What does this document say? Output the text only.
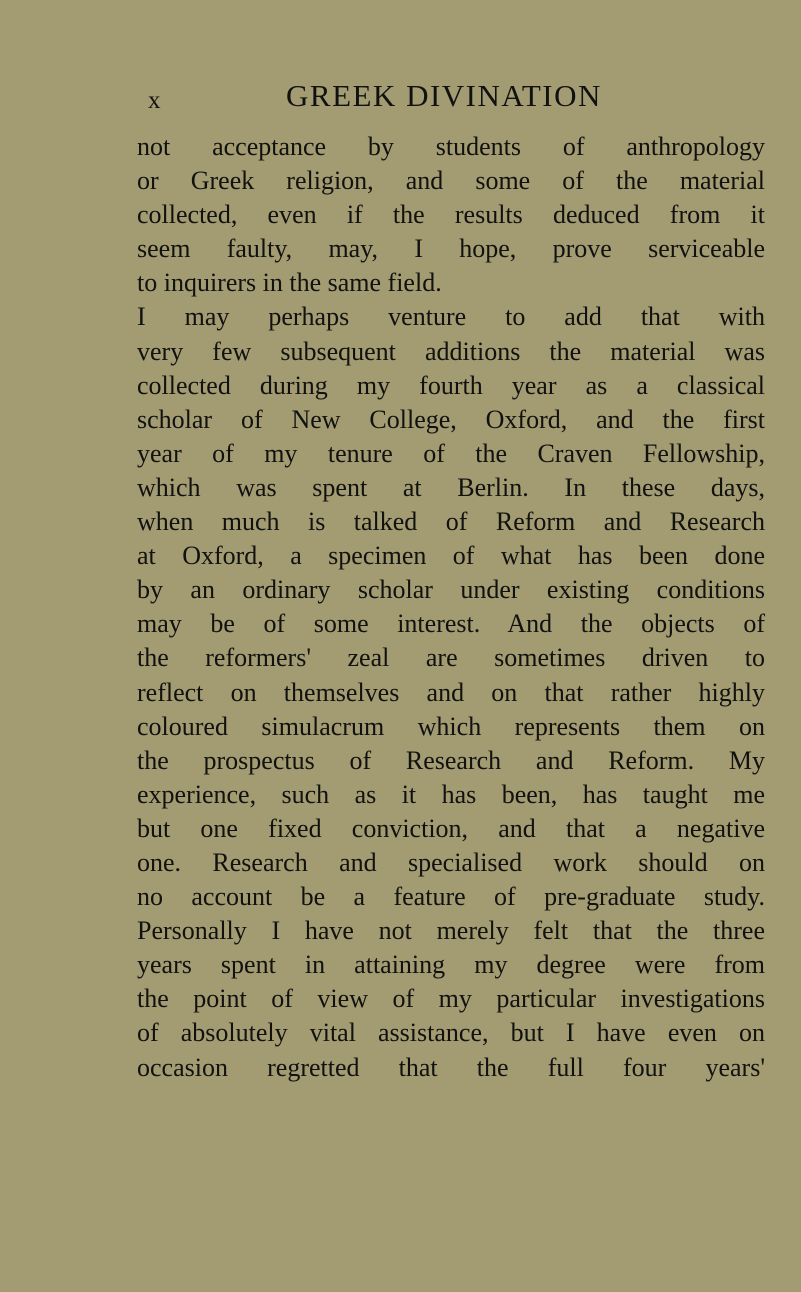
x	GREEK DIVINATION
not acceptance by students of anthropology
or Greek religion, and some of the material
collected, even if the results deduced from it
seem faulty, may, I hope, prove serviceable
to inquirers in the same field.
I may perhaps venture to add that with
very few subsequent additions the material was
collected during my fourth year as a classical
scholar of New College, Oxford, and the first
year of my tenure of the Craven Fellowship,
which was spent at Berlin. In these days,
when much is talked of Reform and Research
at Oxford, a specimen of what has been done
by an ordinary scholar under existing conditions
may be of some interest. And the objects of
the reformers' zeal are sometimes driven to
reflect on themselves and on that rather highly
coloured simulacrum which represents them on
the prospectus of Research and Reform. My
experience, such as it has been, has taught me
but one fixed conviction, and that a negative
one. Research and specialised work should on
no account be a feature of pre-graduate study.
Personally I have not merely felt that the three
years spent in attaining my degree were from
the point of view of my particular investigations
of absolutely vital assistance, but I have even on
occasion regretted that the full four years'
